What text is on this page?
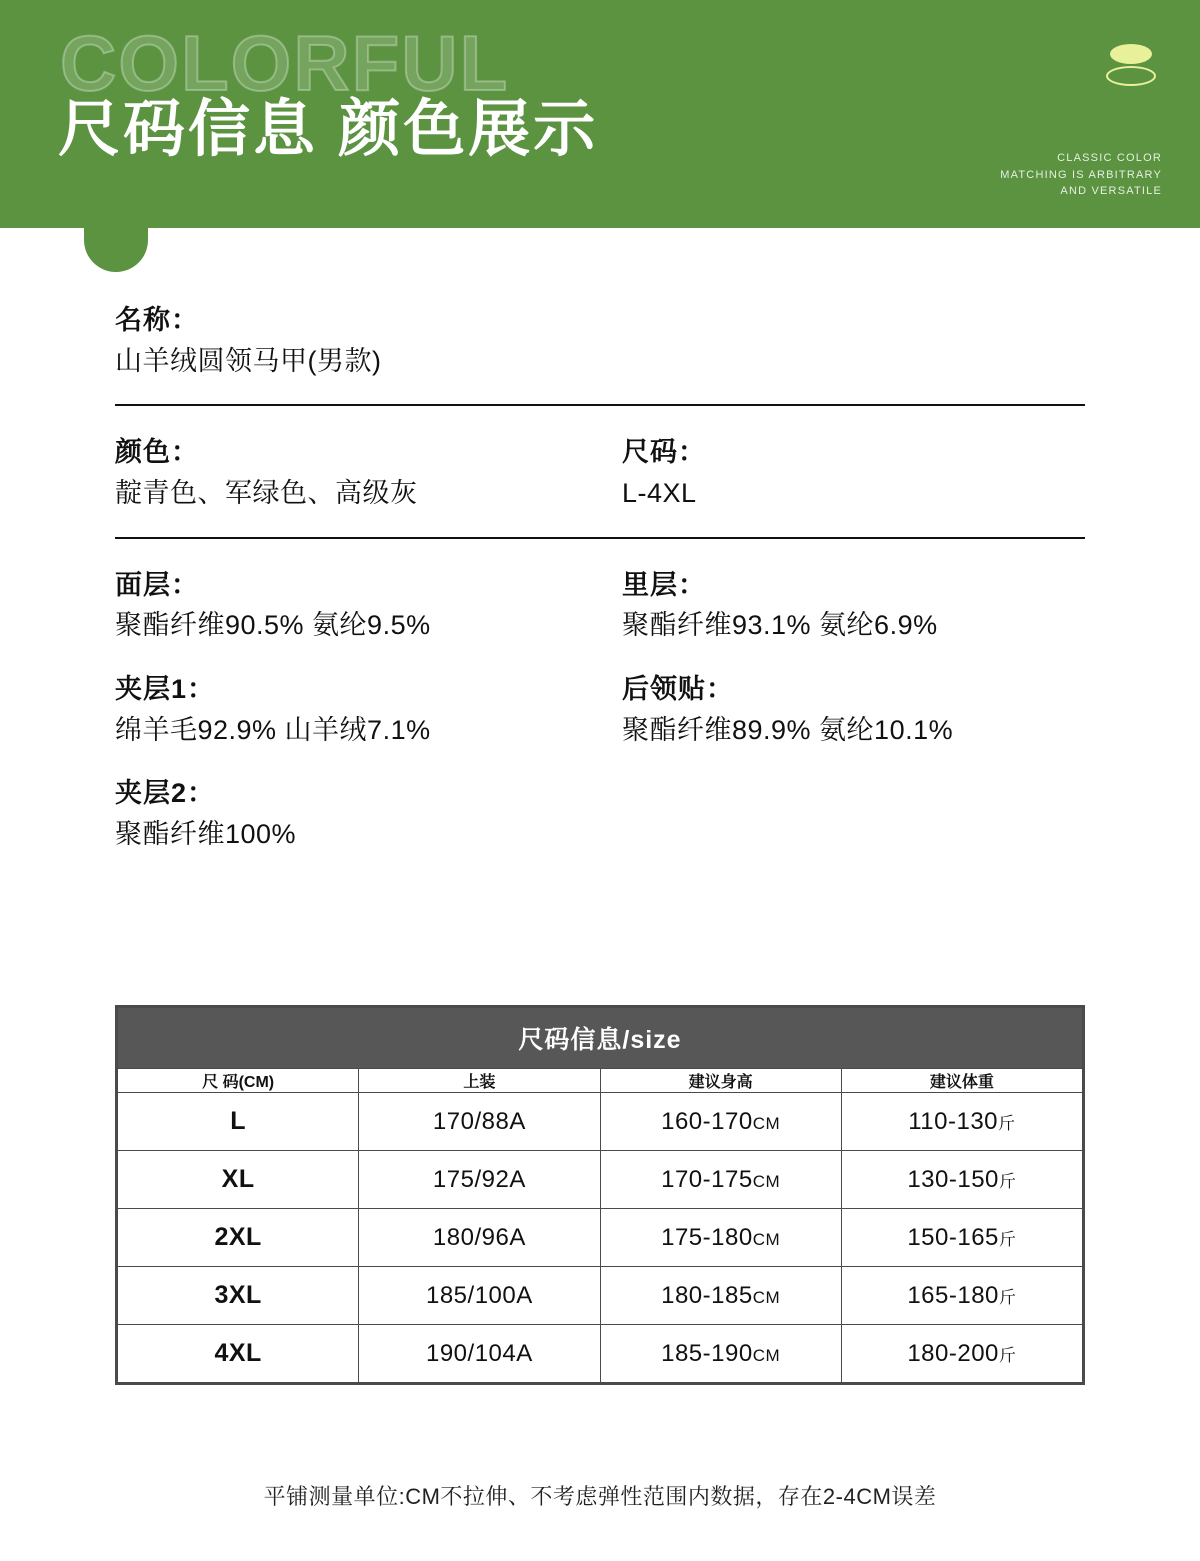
COLORFUL
尺码信息 颜色展示	CLASSIC COLOR
MATCHING IS ARBITRARY
AND VERSATILE
名称：
山羊绒圆领马甲(男款)
颜色：
靛青色、军绿色、高级灰
尺码：
L-4XL
面层：
聚酯纤维90.5% 氨纶9.5%
夹层1：
绵羊毛92.9% 山羊绒7.1%
夹层2：
聚酯纤维100%
里层：
聚酯纤维93.1% 氨纶6.9%
后领贴：
聚酯纤维89.9% 氨纶10.1%
尺码信息/size			
尺 码(CM)	上装	建议身高	建议体重
L	170/88A	160-170CM	110-130斤
XL	175/92A	170-175CM	130-150斤
2XL	180/96A	175-180CM	150-165斤
3XL	185/100A	180-185CM	165-180斤
4XL	190/104A	185-190CM	180-200斤
平铺测量单位:CM不拉伸、不考虑弹性范围内数据，存在2-4CM误差
